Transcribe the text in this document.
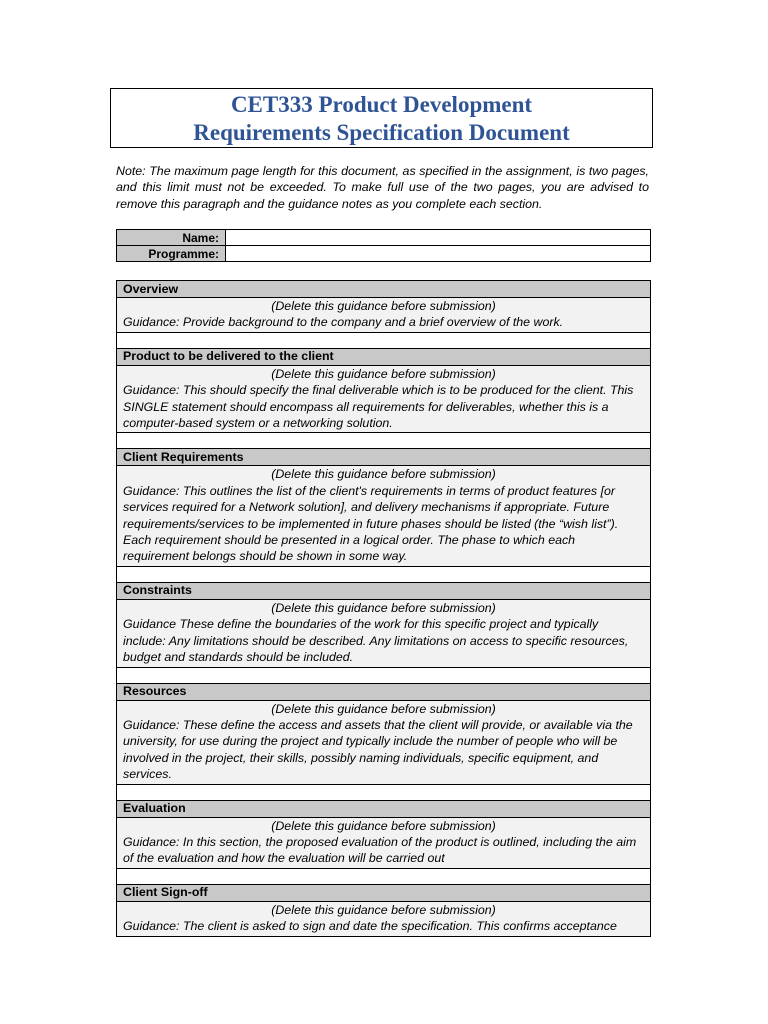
CET333 Product Development
Requirements Specification Document
Note: The maximum page length for this document, as specified in the assignment, is two pages, and this limit must not be exceeded. To make full use of the two pages, you are advised to remove this paragraph and the guidance notes as you complete each section.
Name:	
Programme:	
Overview

(Delete this guidance before submission)
Guidance: Provide background to the company and a brief overview of the work.

Product to be delivered to the client

(Delete this guidance before submission)
Guidance: This should specify the final deliverable which is to be produced for the client. This SINGLE statement should encompass all requirements for deliverables, whether this is a computer-based system or a networking solution.

Client Requirements

(Delete this guidance before submission)
Guidance: This outlines the list of the client's requirements in terms of product features [or services required for a Network solution], and delivery mechanisms if appropriate. Future requirements/services to be implemented in future phases should be listed (the “wish list”). Each requirement should be presented in a logical order. The phase to which each requirement belongs should be shown in some way.

Constraints

(Delete this guidance before submission)
Guidance These define the boundaries of the work for this specific project and typically include: Any limitations should be described. Any limitations on access to specific resources, budget and standards should be included.

Resources

(Delete this guidance before submission)
Guidance: These define the access and assets that the client will provide, or available via the university, for use during the project and typically include the number of people who will be involved in the project, their skills, possibly naming individuals, specific equipment, and services.

Evaluation

(Delete this guidance before submission)
Guidance: In this section, the proposed evaluation of the product is outlined, including the aim of the evaluation and how the evaluation will be carried out

Client Sign-off

(Delete this guidance before submission)
Guidance: The client is asked to sign and date the specification. This confirms acceptance
